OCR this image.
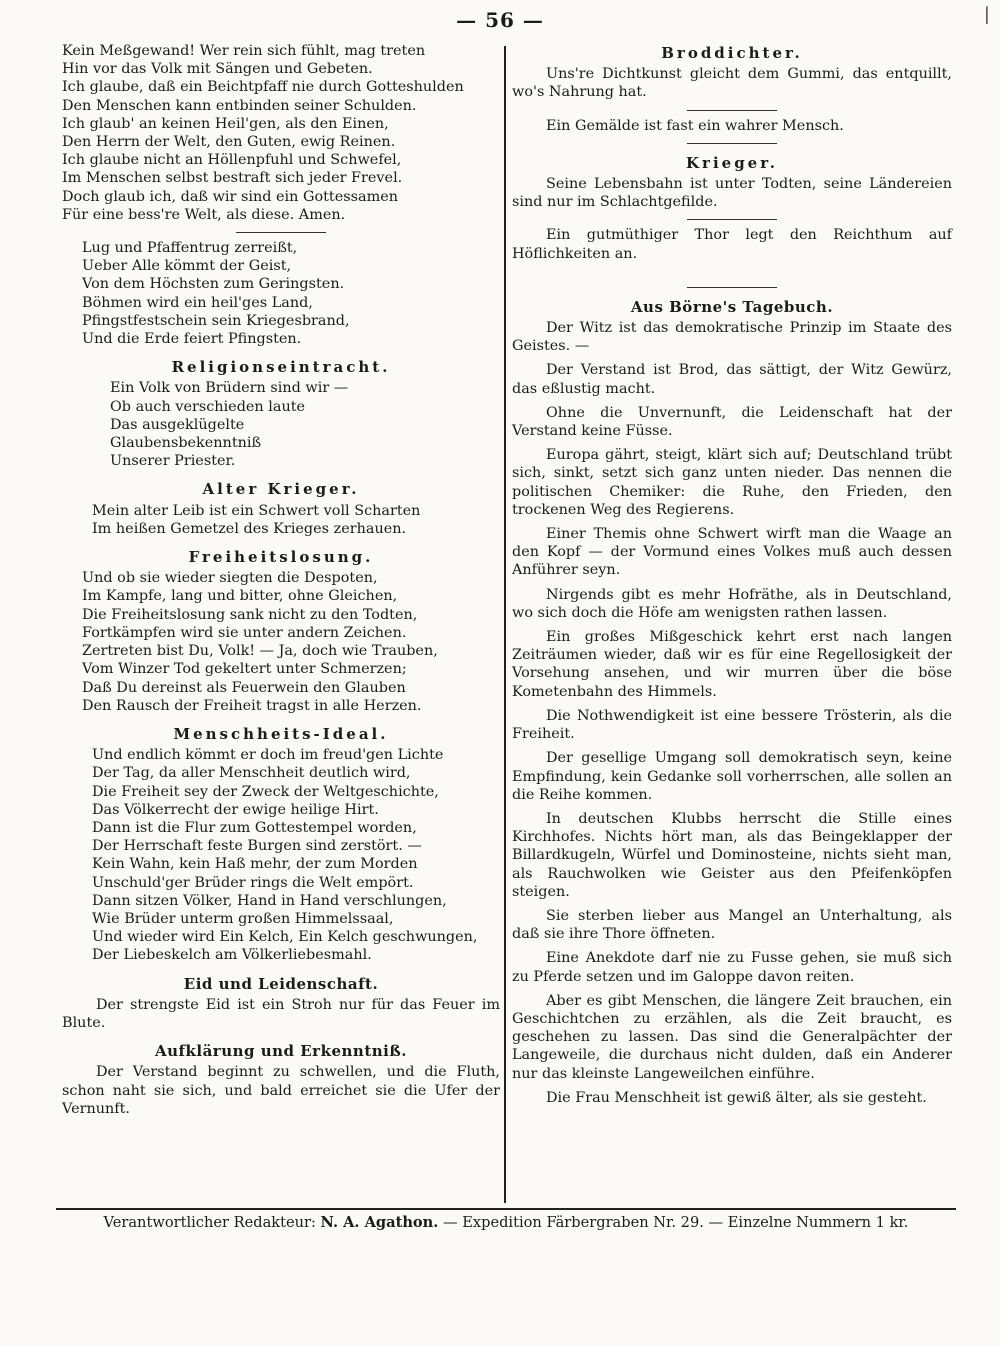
|
— 56 —
Kein Meßgewand! Wer rein sich fühlt, mag treten
Hin vor das Volk mit Sängen und Gebeten.
Ich glaube, daß ein Beichtpfaff nie durch Gotteshulden
Den Menschen kann entbinden seiner Schulden.
Ich glaub' an keinen Heil'gen, als den Einen,
Den Herrn der Welt, den Guten, ewig Reinen.
Ich glaube nicht an Höllenpfuhl und Schwefel,
Im Menschen selbst bestraft sich jeder Frevel.
Doch glaub ich, daß wir sind ein Gottessamen
Für eine bess're Welt, als diese. Amen.
Lug und Pfaffentrug zerreißt,
Ueber Alle kömmt der Geist,
Von dem Höchsten zum Geringsten.
Böhmen wird ein heil'ges Land,
Pfingstfestschein sein Kriegesbrand,
Und die Erde feiert Pfingsten.
Religionseintracht.
Ein Volk von Brüdern sind wir —
Ob auch verschieden laute
Das ausgeklügelte
Glaubensbekenntniß
Unserer Priester.
Alter Krieger.
Mein alter Leib ist ein Schwert voll Scharten
Im heißen Gemetzel des Krieges zerhauen.
Freiheitslosung.
Und ob sie wieder siegten die Despoten,
Im Kampfe, lang und bitter, ohne Gleichen,
Die Freiheitslosung sank nicht zu den Todten,
Fortkämpfen wird sie unter andern Zeichen.
Zertreten bist Du, Volk! — Ja, doch wie Trauben,
Vom Winzer Tod gekeltert unter Schmerzen;
Daß Du dereinst als Feuerwein den Glauben
Den Rausch der Freiheit tragst in alle Herzen.
Menschheits-Ideal.
Und endlich kömmt er doch im freud'gen Lichte
Der Tag, da aller Menschheit deutlich wird,
Die Freiheit sey der Zweck der Weltgeschichte,
Das Völkerrecht der ewige heilige Hirt.
Dann ist die Flur zum Gottestempel worden,
Der Herrschaft feste Burgen sind zerstört. —
Kein Wahn, kein Haß mehr, der zum Morden
Unschuld'ger Brüder rings die Welt empört.
Dann sitzen Völker, Hand in Hand verschlungen,
Wie Brüder unterm großen Himmelssaal,
Und wieder wird Ein Kelch, Ein Kelch geschwungen,
Der Liebeskelch am Völkerliebesmahl.
Eid und Leidenschaft.
Der strengste Eid ist ein Stroh nur für das Feuer im Blute.
Aufklärung und Erkenntniß.
Der Verstand beginnt zu schwellen, und die Fluth, schon naht sie sich, und bald erreichet sie die Ufer der Vernunft.
Broddichter.
Uns're Dichtkunst gleicht dem Gummi, das entquillt, wo's Nahrung hat.
Ein Gemälde ist fast ein wahrer Mensch.
Krieger.
Seine Lebensbahn ist unter Todten, seine Ländereien sind nur im Schlachtgefilde.
Ein gutmüthiger Thor legt den Reichthum auf Höflichkeiten an.
Aus Börne's Tagebuch.
Der Witz ist das demokratische Prinzip im Staate des Geistes. —
Der Verstand ist Brod, das sättigt, der Witz Gewürz, das eßlustig macht.
Ohne die Unvernunft, die Leidenschaft hat der Verstand keine Füsse.
Europa gährt, steigt, klärt sich auf; Deutschland trübt sich, sinkt, setzt sich ganz unten nieder. Das nennen die politischen Chemiker: die Ruhe, den Frieden, den trockenen Weg des Regierens.
Einer Themis ohne Schwert wirft man die Waage an den Kopf — der Vormund eines Volkes muß auch dessen Anführer seyn.
Nirgends gibt es mehr Hofräthe, als in Deutschland, wo sich doch die Höfe am wenigsten rathen lassen.
Ein großes Mißgeschick kehrt erst nach langen Zeiträumen wieder, daß wir es für eine Regellosigkeit der Vorsehung ansehen, und wir murren über die böse Kometenbahn des Himmels.
Die Nothwendigkeit ist eine bessere Trösterin, als die Freiheit.
Der gesellige Umgang soll demokratisch seyn, keine Empfindung, kein Gedanke soll vorherrschen, alle sollen an die Reihe kommen.
In deutschen Klubbs herrscht die Stille eines Kirchhofes. Nichts hört man, als das Beingeklapper der Billardkugeln, Würfel und Dominosteine, nichts sieht man, als Rauchwolken wie Geister aus den Pfeifenköpfen steigen.
Sie sterben lieber aus Mangel an Unterhaltung, als daß sie ihre Thore öffneten.
Eine Anekdote darf nie zu Fusse gehen, sie muß sich zu Pferde setzen und im Galoppe davon reiten.
Aber es gibt Menschen, die längere Zeit brauchen, ein Geschichtchen zu erzählen, als die Zeit braucht, es geschehen zu lassen. Das sind die Generalpächter der Langeweile, die durchaus nicht dulden, daß ein Anderer nur das kleinste Langeweilchen einführe.
Die Frau Menschheit ist gewiß älter, als sie gesteht.
Verantwortlicher Redakteur: N. A. Agathon. — Expedition Färbergraben Nr. 29. — Einzelne Nummern 1 kr.
